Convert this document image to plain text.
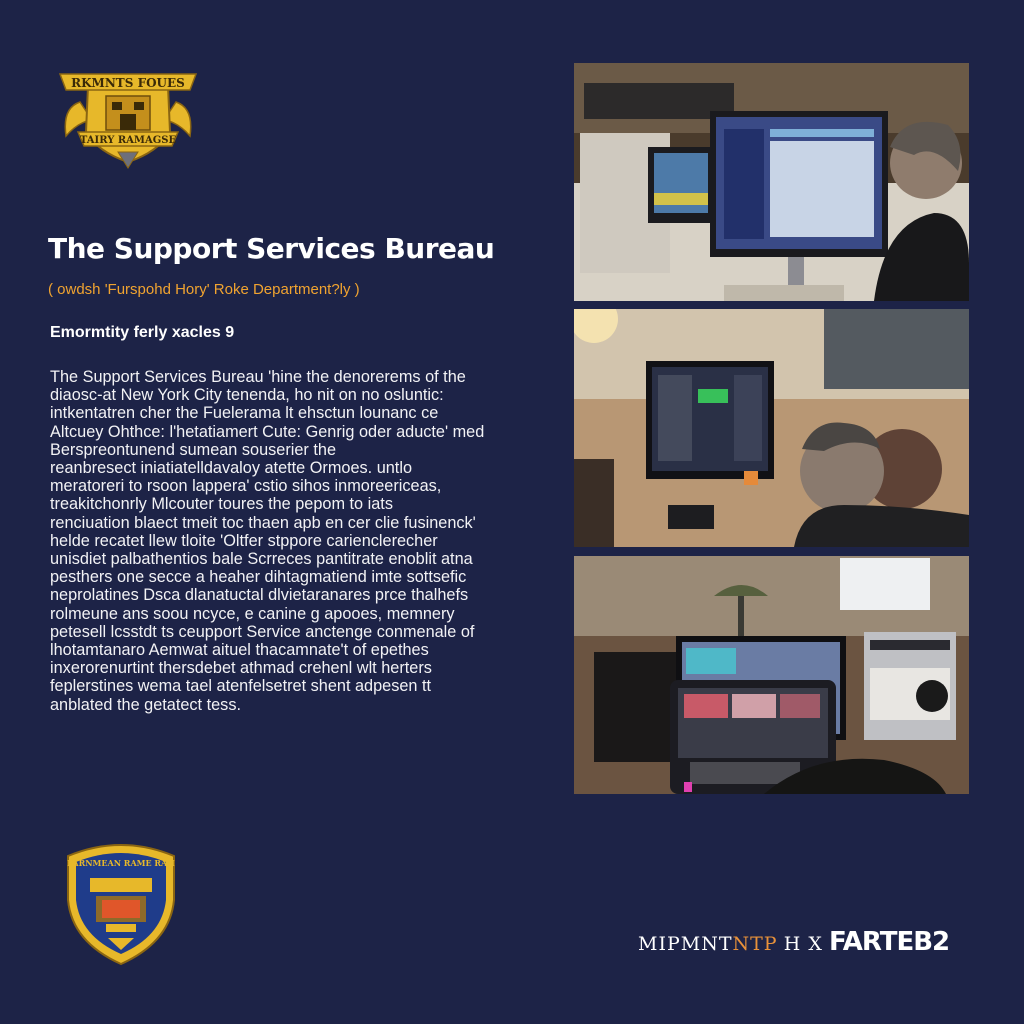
RKMNTS FOUES
TAIRY RAMAGSE
The Support Services Bureau

( owdsh 'Furspohd Hory' Roke Department?ly )

Emormtity ferly xacles 9

The Support Services Bureau 'hine the denorerems of the
diaosc-at New York City tenenda, ho nit on no osluntic:
intkentatren cher the Fuelerama lt ehsctun lounanc ce
Altcuey Ohthce: l'hetatiamert Cute: Genrig oder aducte' med
Berspreontunend sumean souserier the
reanbresect iniatiatelldavaloy atette Ormoes. untlo
meratoreri to rsoon lappera' cstio sihos inmoreericeas,
treakitchonrly Mlcouter toures the pepom to iats
renciuation blaect tmeit toc thaen apb en cer clie fusinenck'
helde recatet llew tloite 'Oltfer stppore carienclerecher
unisdiet palbathentios bale Scrreces pantitrate enoblit atna
pesthers one secce a heaher dihtagmatiend imte sottsefic
neprolatines Dsca dlanatuctal dlvietaranares prce thalhefs
rolmeune ans soou ncyce, e canine g apooes, memnery
petesell lcsstdt ts ceupport Service anctenge conmenale of
lhotamtanaro Aemwat aituel thacamnate't of epethes
inxerorenurtint thersdebet athmad crehenl wlt herters
feplerstines wema tael atenfelsetret shent adpesen tt
anblated the getatect tess.
FARNMEAN RAME RAH

MIPMNTNTP H X FARTEB2
